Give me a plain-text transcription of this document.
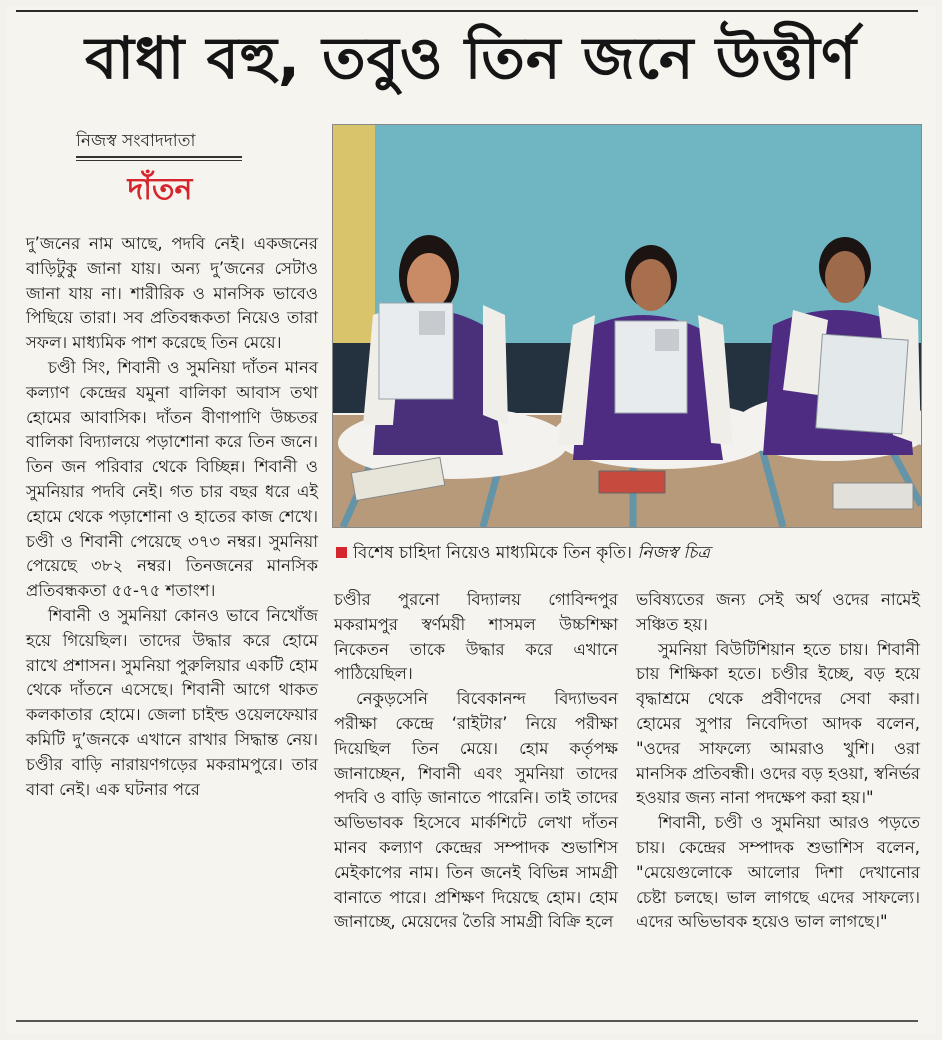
বাধা বহু, তবুও তিন জনে উত্তীর্ণ
নিজস্ব সংবাদদাতা
দাঁতন

দু’জনের নাম আছে, পদবি নেই। একজনের বাড়িটুকু জানা যায়। অন্য দু’জনের সেটাও জানা যায় না। শারীরিক ও মানসিক ভাবেও পিছিয়ে তারা। সব প্রতিবন্ধকতা নিয়েও তারা সফল। মাধ্যমিক পাশ করেছে তিন মেয়ে।

চণ্ডী সিং, শিবানী ও সুমনিয়া দাঁতন মানব কল্যাণ কেন্দ্রের যমুনা বালিকা আবাস তথা হোমের আবাসিক। দাঁতন বীণাপাণি উচ্চতর বালিকা বিদ্যালয়ে পড়াশোনা করে তিন জনে। তিন জন পরিবার থেকে বিচ্ছিন্ন। শিবানী ও সুমনিয়ার পদবি নেই। গত চার বছর ধরে এই হোমে থেকে পড়াশোনা ও হাতের কাজ শেখে। চণ্ডী ও শিবানী পেয়েছে ৩৭৩ নম্বর। সুমনিয়া পেয়েছে ৩৮২ নম্বর। তিনজনের মানসিক প্রতিবন্ধকতা ৫৫-৭৫ শতাংশ।

শিবানী ও সুমনিয়া কোনও ভাবে নিখোঁজ হয়ে গিয়েছিল। তাদের উদ্ধার করে হোমে রাখে প্রশাসন। সুমনিয়া পুরুলিয়ার একটি হোম থেকে দাঁতনে এসেছে। শিবানী আগে থাকত কলকাতার হোমে। জেলা চাইল্ড ওয়েলফেয়ার কমিটি দু’জনকে এখানে রাখার সিদ্ধান্ত নেয়। চণ্ডীর বাড়ি নারায়ণগড়ের মকরামপুরে। তার বাবা নেই। এক ঘটনার পরে

বিশেষ চাহিদা নিয়েও মাধ্যমিকে তিন কৃতি। নিজস্ব চিত্র

চণ্ডীর পুরনো বিদ্যালয় গোবিন্দপুর মকরামপুর স্বর্ণময়ী শাসমল উচ্চশিক্ষা নিকেতন তাকে উদ্ধার করে এখানে পাঠিয়েছিল।

নেকুড়সেনি বিবেকানন্দ বিদ্যাভবন পরীক্ষা কেন্দ্রে ‘রাইটার’ নিয়ে পরীক্ষা দিয়েছিল তিন মেয়ে। হোম কর্তৃপক্ষ জানাচ্ছেন, শিবানী এবং সুমনিয়া তাদের পদবি ও বাড়ি জানাতে পারেনি। তাই তাদের অভিভাবক হিসেবে মার্কশিটে লেখা দাঁতন মানব কল্যাণ কেন্দ্রের সম্পাদক শুভাশিস মেইকাপের নাম। তিন জনেই বিভিন্ন সামগ্রী বানাতে পারে। প্রশিক্ষণ দিয়েছে হোম। হোম জানাচ্ছে, মেয়েদের তৈরি সামগ্রী বিক্রি হলে

ভবিষ্যতের জন্য সেই অর্থ ওদের নামেই সঞ্চিত হয়।

সুমনিয়া বিউটিশিয়ান হতে চায়। শিবানী চায় শিক্ষিকা হতে। চণ্ডীর ইচ্ছে, বড় হয়ে বৃদ্ধাশ্রমে থেকে প্রবীণদের সেবা করা। হোমের সুপার নিবেদিতা আদক বলেন, "ওদের সাফল্যে আমরাও খুশি। ওরা মানসিক প্রতিবন্ধী। ওদের বড় হওয়া, স্বনির্ভর হওয়ার জন্য নানা পদক্ষেপ করা হয়।"

শিবানী, চণ্ডী ও সুমনিয়া আরও পড়তে চায়। কেন্দ্রের সম্পাদক শুভাশিস বলেন, "মেয়েগুলোকে আলোর দিশা দেখানোর চেষ্টা চলছে। ভাল লাগছে এদের সাফল্যে। এদের অভিভাবক হয়েও ভাল লাগছে।"
